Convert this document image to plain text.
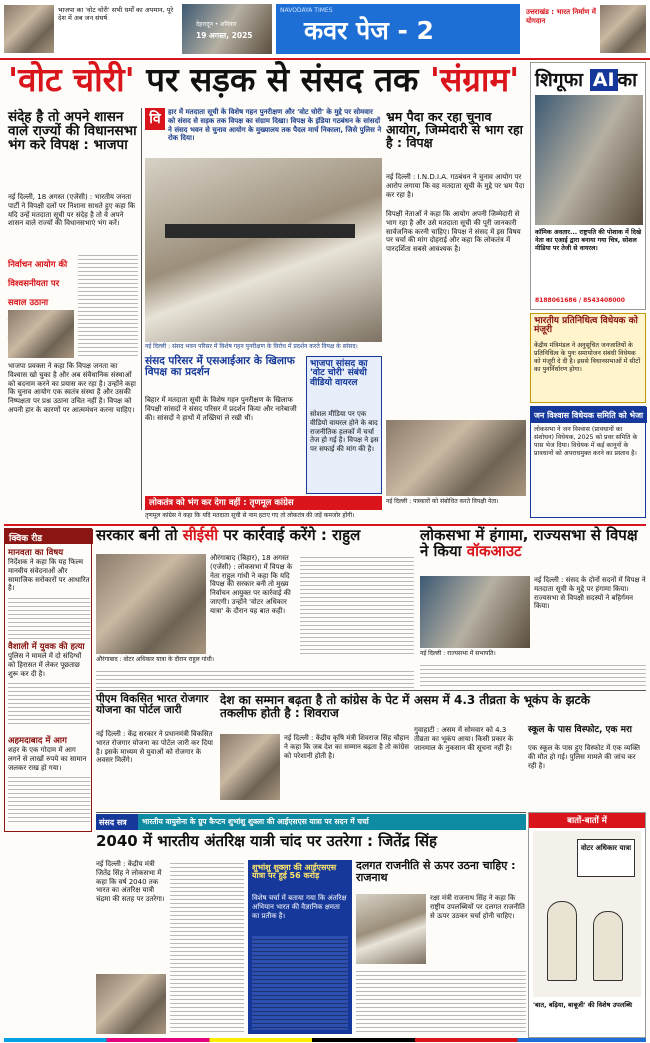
भाजपा का 'वोट चोरी' सभी धर्मों का अपमान, पूरे देश में अब जन संघर्ष
देहरादून • शनिवार
19 अगस्त, 2025
NAVODAYA TIMES
कवर पेज - 2
उत्तराखंड : भारत निर्माण में योगदान
'वोट चोरी' पर सड़क से संसद तक 'संग्राम' शिगूफा AI का
कॉमिक अवतार... राष्ट्रपति की पोशाक में दिखे नेता का एआई द्वारा बनाया गया चित्र, सोशल मीडिया पर तेजी से वायरल।
8188061686 / 8543408000
संदेह है तो अपने शासन वाले राज्यों की विधानसभा भंग करे विपक्ष : भाजपा
नई दिल्ली, 18 अगस्त (एजेंसी) : भारतीय जनता पार्टी ने विपक्षी दलों पर निशाना साधते हुए कहा कि यदि उन्हें मतदाता सूची पर संदेह है तो वे अपने शासन वाले राज्यों की विधानसभाएं भंग करें।
निर्वाचन आयोग की विश्वसनीयता पर सवाल उठाना
भाजपा प्रवक्ता ने कहा कि विपक्ष जनता का विश्वास खो चुका है और अब संवैधानिक संस्थाओं को बदनाम करने का प्रयास कर रहा है। उन्होंने कहा कि चुनाव आयोग एक स्वतंत्र संस्था है और उसकी निष्पक्षता पर प्रश्न उठाना उचित नहीं है। विपक्ष को अपनी हार के कारणों पर आत्ममंथन करना चाहिए।
वि	हार में मतदाता सूची के विशेष गहन पुनरीक्षण और 'वोट चोरी' के मुद्दे पर सोमवार को संसद से सड़क तक विपक्ष का संग्राम दिखा। विपक्ष के इंडिया गठबंधन के सांसदों ने संसद भवन से चुनाव आयोग के मुख्यालय तक पैदल मार्च निकाला, जिसे पुलिस ने रोक दिया।
नई दिल्ली : संसद भवन परिसर में विशेष गहन पुनरीक्षण के विरोध में प्रदर्शन करते विपक्ष के सांसद।
भ्रम पैदा कर रहा चुनाव आयोग, जिम्मेदारी से भाग रहा है : विपक्ष
नई दिल्ली : I.N.D.I.A. गठबंधन ने चुनाव आयोग पर आरोप लगाया कि वह मतदाता सूची के मुद्दे पर भ्रम पैदा कर रहा है।
विपक्षी नेताओं ने कहा कि आयोग अपनी जिम्मेदारी से भाग रहा है और उसे मतदाता सूची की पूरी जानकारी सार्वजनिक करनी चाहिए। विपक्ष ने संसद में इस विषय पर चर्चा की मांग दोहराई और कहा कि लोकतंत्र में पारदर्शिता सबसे आवश्यक है।
नई दिल्ली : पत्रकारों को संबोधित करते विपक्षी नेता।
संसद परिसर में एसआईआर के खिलाफ विपक्ष का प्रदर्शन
बिहार में मतदाता सूची के विशेष गहन पुनरीक्षण के खिलाफ विपक्षी सांसदों ने संसद परिसर में प्रदर्शन किया और नारेबाजी की। सांसदों ने हाथों में तख्तियां ले रखी थीं।
भाजपा सांसद का 'वोट चोरी' संबंधी वीडियो वायरल
सोशल मीडिया पर एक वीडियो वायरल होने के बाद राजनीतिक हलकों में चर्चा तेज हो गई है। विपक्ष ने इस पर सफाई की मांग की है।
लोकतंत्र को भंग कर देगा वहीं : तृणमूल कांग्रेस
तृणमूल कांग्रेस ने कहा कि यदि मतदाता सूची से नाम हटाए गए तो लोकतंत्र की जड़ें कमजोर होंगी।
भारतीय प्रतिनिधित्व विधेयक को मंजूरी
केंद्रीय मंत्रिमंडल ने अनुसूचित जनजातियों के प्रतिनिधित्व के पुनः समायोजन संबंधी विधेयक को मंजूरी दे दी है। इससे विधानसभाओं में सीटों का पुनर्निर्धारण होगा।
जन विश्वास विधेयक समिति को भेजा
लोकसभा ने जन विश्वास (प्रावधानों का संशोधन) विधेयक, 2025 को प्रवर समिति के पास भेज दिया। विधेयक में कई कानूनों के प्रावधानों को अपराधमुक्त करने का प्रस्ताव है।
क्विक रीड
मानवता का विषय
निर्देशक ने कहा कि यह फिल्म मानवीय संवेदनाओं और सामाजिक सरोकारों पर आधारित है।
वैशाली में युवक की हत्या
पुलिस ने मामले में दो संदिग्धों को हिरासत में लेकर पूछताछ शुरू कर दी है।
अहमदाबाद में आग
शहर के एक गोदाम में आग लगने से लाखों रुपये का सामान जलकर राख हो गया।
सरकार बनी तो सीईसी पर कार्रवाई करेंगे : राहुल
औरंगाबाद (बिहार), 18 अगस्त (एजेंसी) : लोकसभा में विपक्ष के नेता राहुल गांधी ने कहा कि यदि विपक्ष की सरकार बनी तो मुख्य निर्वाचन आयुक्त पर कार्रवाई की जाएगी। उन्होंने 'वोटर अधिकार यात्रा' के दौरान यह बात कही।
औरंगाबाद : वोटर अधिकार यात्रा के दौरान राहुल गांधी।
लोकसभा में हंगामा, राज्यसभा से विपक्ष ने किया वॉकआउट
नई दिल्ली : संसद के दोनों सदनों में विपक्ष ने मतदाता सूची के मुद्दे पर हंगामा किया। राज्यसभा से विपक्षी सदस्यों ने बहिर्गमन किया।
नई दिल्ली : राज्यसभा में सभापति।
पीएम विकसित भारत रोजगार योजना का पोर्टल जारी
नई दिल्ली : केंद्र सरकार ने प्रधानमंत्री विकसित भारत रोजगार योजना का पोर्टल जारी कर दिया है। इसके माध्यम से युवाओं को रोजगार के अवसर मिलेंगे।
देश का सम्मान बढ़ता है तो कांग्रेस के पेट में तकलीफ होती है : शिवराज
नई दिल्ली : केंद्रीय कृषि मंत्री शिवराज सिंह चौहान ने कहा कि जब देश का सम्मान बढ़ता है तो कांग्रेस को परेशानी होती है।
असम में 4.3 तीव्रता के भूकंप के झटके
गुवाहाटी : असम में सोमवार को 4.3 तीव्रता का भूकंप आया। किसी प्रकार के जानमाल के नुकसान की सूचना नहीं है।
स्कूल के पास विस्फोट, एक मरा
एक स्कूल के पास हुए विस्फोट में एक व्यक्ति की मौत हो गई। पुलिस मामले की जांच कर रही है।
संसद सत्र	भारतीय वायुसेना के ग्रुप कैप्टन शुभांशु शुक्ला की आईएसएस यात्रा पर सदन में चर्चा	बातों-बातों में
वोटर अधिकार यात्रा
'बात, बढ़िया, बाबूजी' की विशेष उपलब्धि
2040 में भारतीय अंतरिक्ष यात्री चांद पर उतरेगा : जितेंद्र सिंह
नई दिल्ली : केंद्रीय मंत्री जितेंद्र सिंह ने लोकसभा में कहा कि वर्ष 2040 तक भारत का अंतरिक्ष यात्री चंद्रमा की सतह पर उतरेगा।
शुभांशु शुक्ला की आईएसएस यात्रा पर हुई 56 करोड़
विशेष चर्चा में बताया गया कि अंतरिक्ष अभियान भारत की वैज्ञानिक क्षमता का प्रतीक है।
दलगत राजनीति से ऊपर उठना चाहिए : राजनाथ
रक्षा मंत्री राजनाथ सिंह ने कहा कि राष्ट्रीय उपलब्धियों पर दलगत राजनीति से ऊपर उठकर चर्चा होनी चाहिए।
